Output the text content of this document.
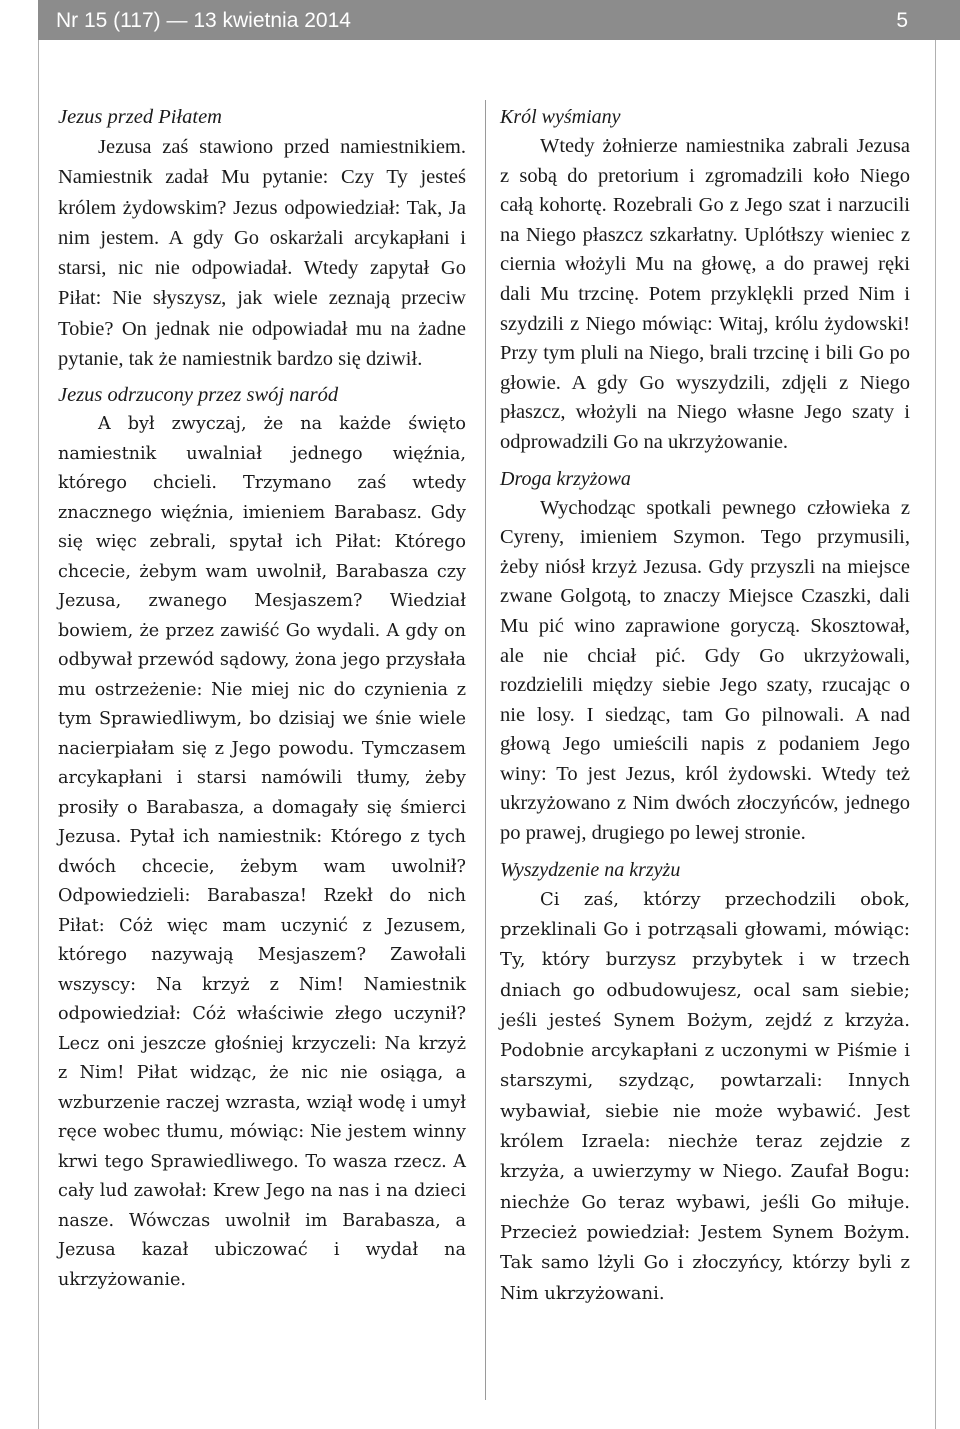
Nr 15 (117) — 13 kwietnia 2014	5
Jezus przed Piłatem

Jezusa zaś stawiono przed namiestnikiem. Namiestnik zadał Mu pytanie: Czy Ty jesteś królem żydowskim? Jezus odpowiedział: Tak, Ja nim jestem. A gdy Go oskarżali arcykapłani i starsi, nic nie odpowiadał. Wtedy zapytał Go Piłat: Nie słyszysz, jak wiele zeznają przeciw Tobie? On jednak nie odpowiadał mu na żadne pytanie, tak że namiestnik bardzo się dziwił.

Jezus odrzucony przez swój naród

A był zwyczaj, że na każde święto namiestnik uwalniał jednego więźnia, którego chcieli. Trzymano zaś wtedy znacznego więźnia, imieniem Barabasz. Gdy się więc zebrali, spytał ich Piłat: Którego chcecie, żebym wam uwolnił, Barabasza czy Jezusa, zwanego Mesjaszem? Wiedział bowiem, że przez zawiść Go wydali. A gdy on odbywał przewód sądowy, żona jego przysłała mu ostrzeżenie: Nie miej nic do czynienia z tym Sprawiedliwym, bo dzisiaj we śnie wiele nacierpiałam się z Jego powodu. Tymczasem arcykapłani i starsi namówili tłumy, żeby prosiły o Barabasza, a domagały się śmierci Jezusa. Pytał ich namiestnik: Którego z tych dwóch chcecie, żebym wam uwolnił? Odpowiedzieli: Barabasza! Rzekł do nich Piłat: Cóż więc mam uczynić z Jezusem, którego nazywają Mesjaszem? Zawołali wszyscy: Na krzyż z Nim! Namiestnik odpowiedział: Cóż właściwie złego uczynił? Lecz oni jeszcze głośniej krzyczeli: Na krzyż z Nim! Piłat widząc, że nic nie osiąga, a wzburzenie raczej wzrasta, wziął wodę i umył ręce wobec tłumu, mówiąc: Nie jestem winny krwi tego Sprawiedliwego. To wasza rzecz. A cały lud zawołał: Krew Jego na nas i na dzieci nasze. Wówczas uwolnił im Barabasza, a Jezusa kazał ubiczować i wydał na ukrzyżowanie.

Król wyśmiany

Wtedy żołnierze namiestnika zabrali Jezusa z sobą do pretorium i zgromadzili koło Niego całą kohortę. Rozebrali Go z Jego szat i narzucili na Niego płaszcz szkarłatny. Uplótłszy wieniec z ciernia włożyli Mu na głowę, a do prawej ręki dali Mu trzcinę. Potem przyklękli przed Nim i szydzili z Niego mówiąc: Witaj, królu żydowski! Przy tym pluli na Niego, brali trzcinę i bili Go po głowie. A gdy Go wyszydzili, zdjęli z Niego płaszcz, włożyli na Niego własne Jego szaty i odprowadzili Go na ukrzyżowanie.

Droga krzyżowa

Wychodząc spotkali pewnego człowieka z Cyreny, imieniem Szymon. Tego przymusili, żeby niósł krzyż Jezusa. Gdy przyszli na miejsce zwane Golgotą, to znaczy Miejsce Czaszki, dali Mu pić wino zaprawione goryczą. Skosztował, ale nie chciał pić. Gdy Go ukrzyżowali, rozdzielili między siebie Jego szaty, rzucając o nie losy. I siedząc, tam Go pilnowali. A nad głową Jego umieścili napis z podaniem Jego winy: To jest Jezus, król żydowski. Wtedy też ukrzyżowano z Nim dwóch złoczyńców, jednego po prawej, drugiego po lewej stronie.

Wyszydzenie na krzyżu

Ci zaś, którzy przechodzili obok, przeklinali Go i potrząsali głowami, mówiąc: Ty, który burzysz przybytek i w trzech dniach go odbudowujesz, ocal sam siebie; jeśli jesteś Synem Bożym, zejdź z krzyża. Podobnie arcykapłani z uczonymi w Piśmie i starszymi, szydząc, powtarzali: Innych wybawiał, siebie nie może wybawić. Jest królem Izraela: niechże teraz zejdzie z krzyża, a uwierzymy w Niego. Zaufał Bogu: niechże Go teraz wybawi, jeśli Go miłuje. Przecież powiedział: Jestem Synem Bożym. Tak samo lżyli Go i złoczyńcy, którzy byli z Nim ukrzyżowani.
